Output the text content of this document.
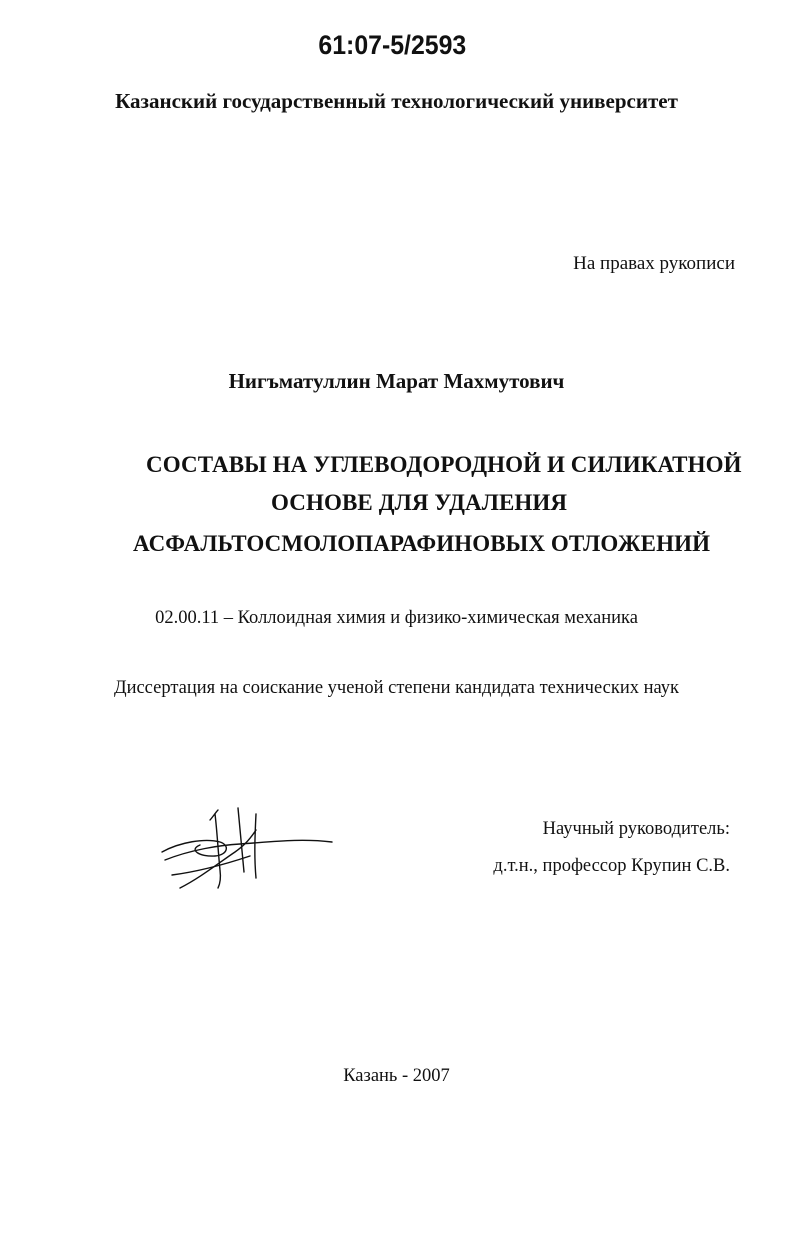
61:07-5/2593
Казанский государственный технологический университет
На правах рукописи
Нигъматуллин Марат Махмутович
СОСТАВЫ НА УГЛЕВОДОРОДНОЙ И СИЛИКАТНОЙ
ОСНОВЕ ДЛЯ УДАЛЕНИЯ
АСФАЛЬТОСМОЛОПАРАФИНОВЫХ ОТЛОЖЕНИЙ
02.00.11 – Коллоидная химия и физико-химическая механика
Диссертация на соискание ученой степени кандидата технических наук
Научный руководитель:
д.т.н., профессор Крупин С.В.
Казань - 2007
